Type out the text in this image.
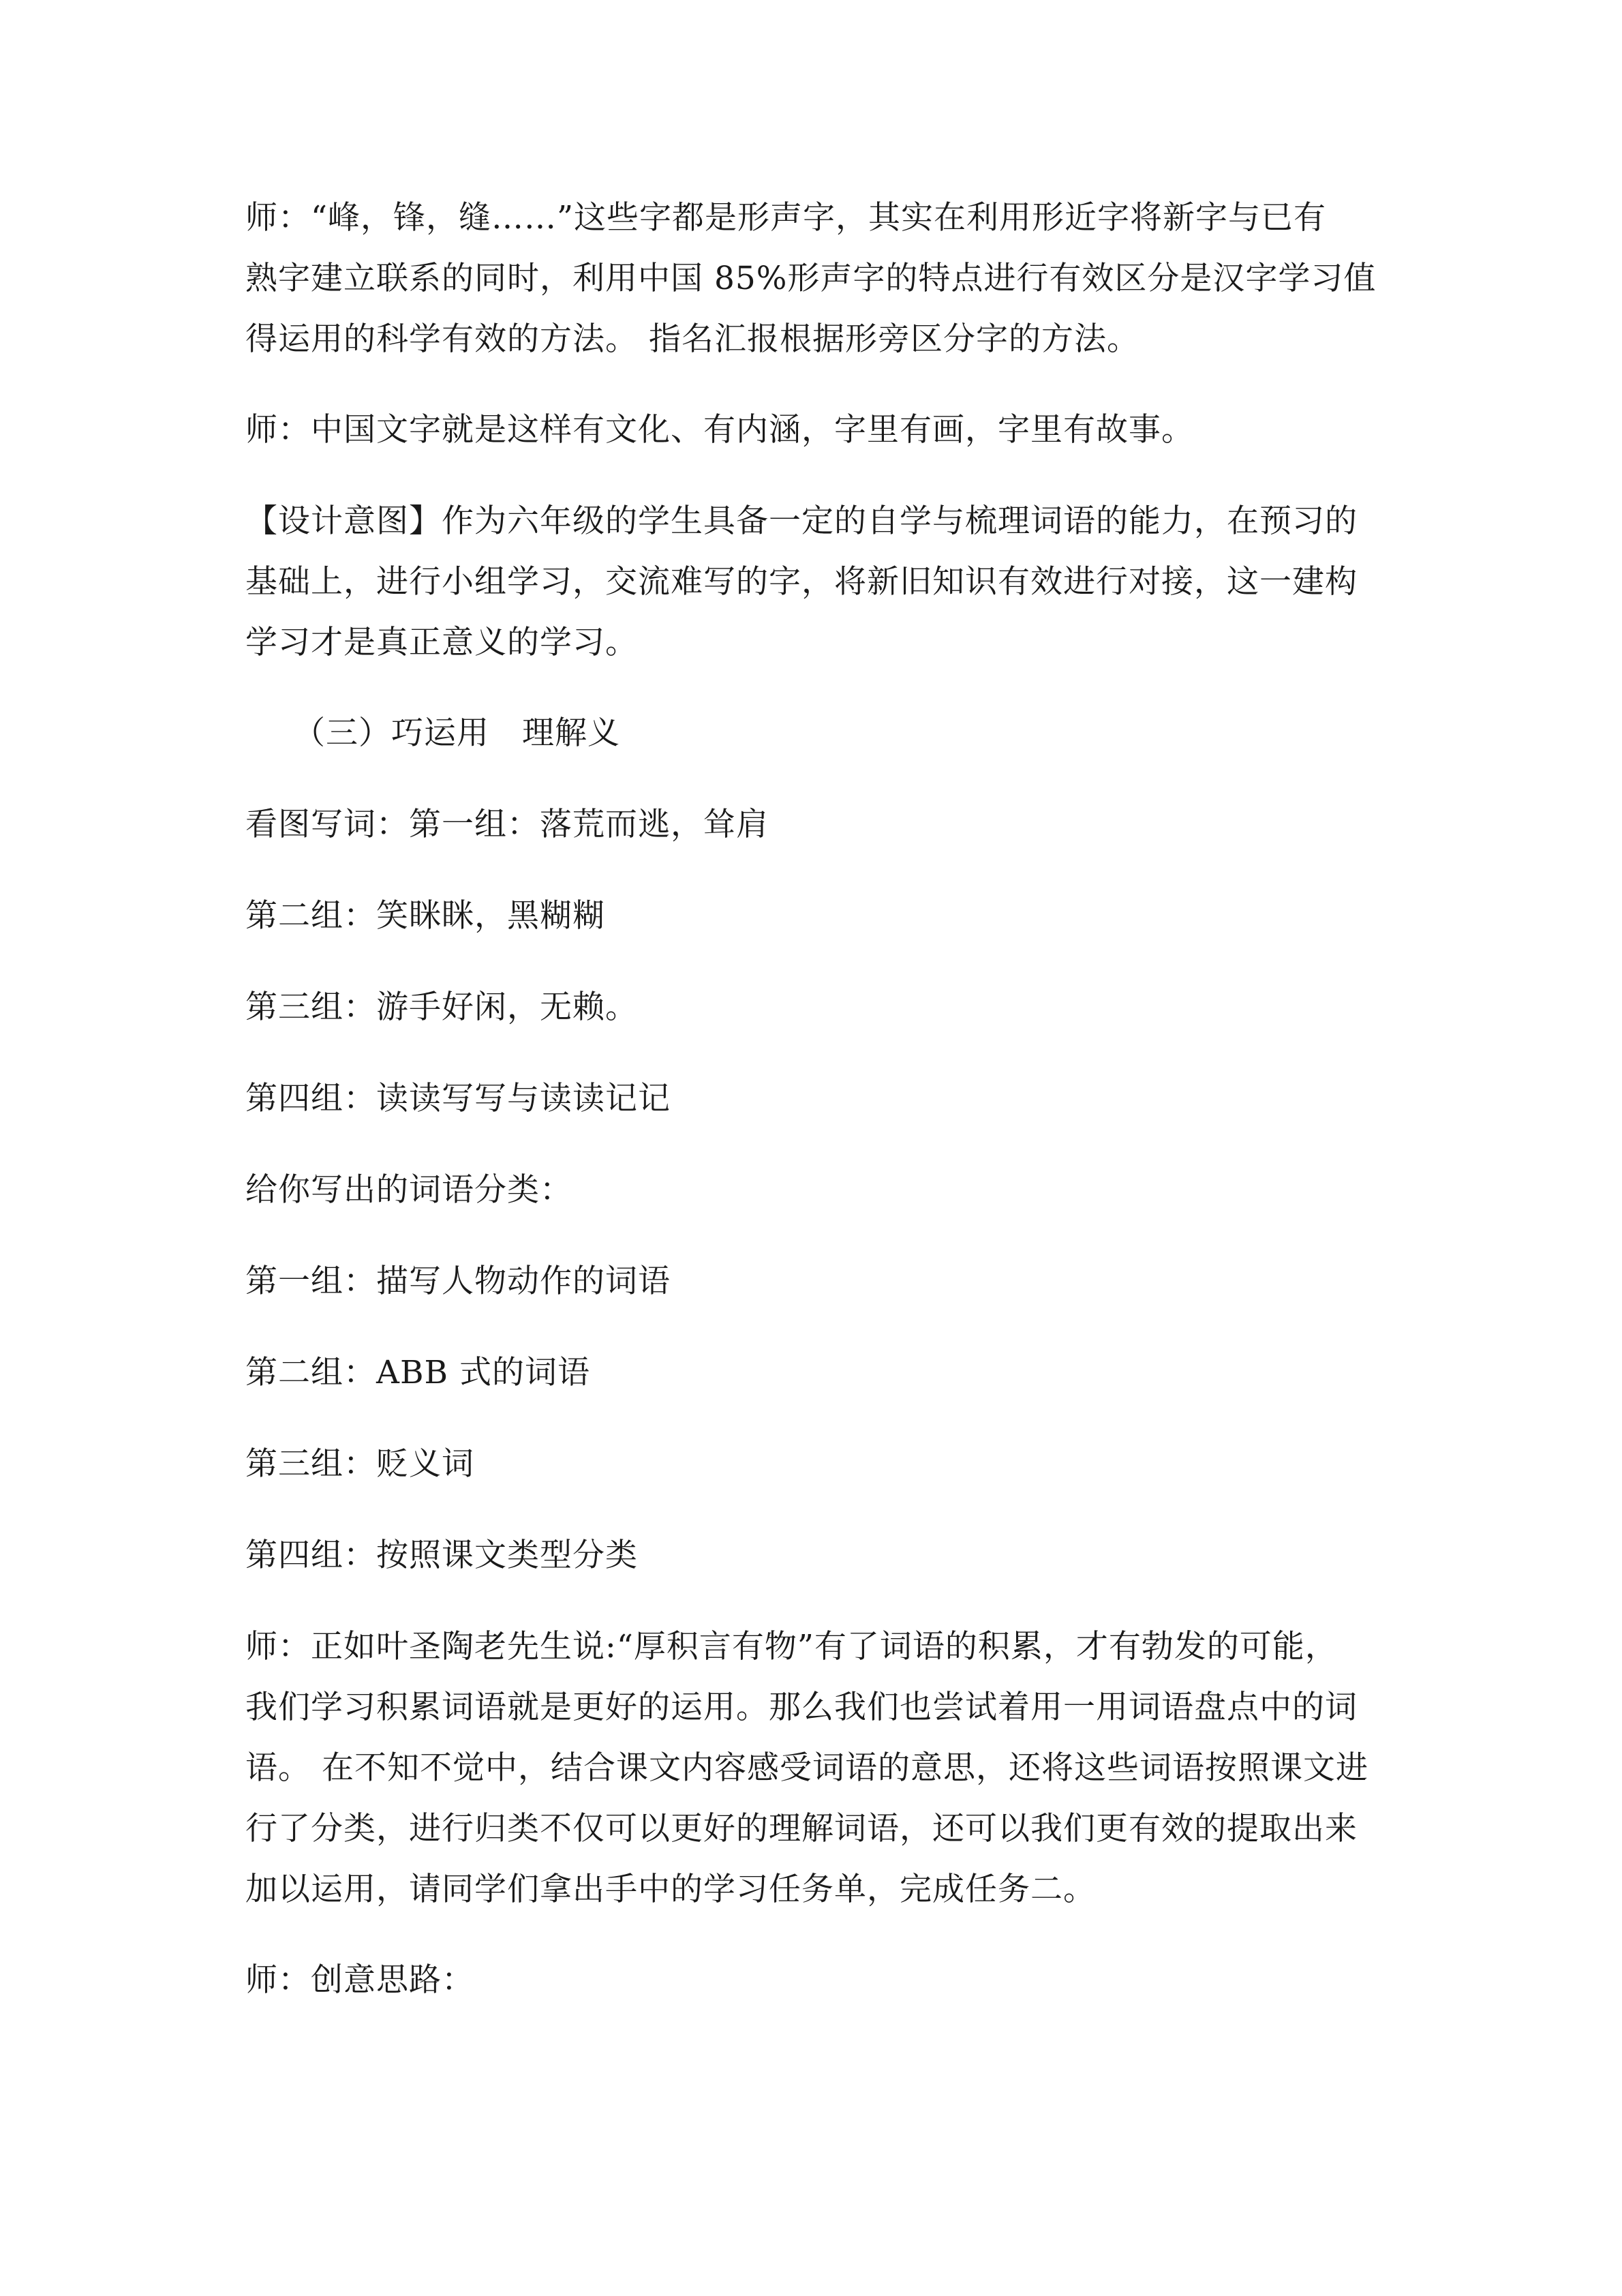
师：“峰，锋，缝……”这些字都是形声字，其实在利用形近字将新字与已有
熟字建立联系的同时，利用中国 85%形声字的特点进行有效区分是汉字学习值
得运用的科学有效的方法。 指名汇报根据形旁区分字的方法。

师：中国文字就是这样有文化、有内涵，字里有画，字里有故事。

【设计意图】作为六年级的学生具备一定的自学与梳理词语的能力，在预习的
基础上，进行小组学习，交流难写的字，将新旧知识有效进行对接，这一建构
学习才是真正意义的学习。

（三）巧运用　理解义

看图写词：第一组：落荒而逃，耸肩

第二组：笑眯眯，黑糊糊

第三组：游手好闲，无赖。

第四组：读读写写与读读记记

给你写出的词语分类：

第一组：描写人物动作的词语

第二组：ABB 式的词语

第三组：贬义词

第四组：按照课文类型分类

师：正如叶圣陶老先生说:“厚积言有物”有了词语的积累，才有勃发的可能，
我们学习积累词语就是更好的运用。那么我们也尝试着用一用词语盘点中的词
语。 在不知不觉中，结合课文内容感受词语的意思，还将这些词语按照课文进
行了分类，进行归类不仅可以更好的理解词语，还可以我们更有效的提取出来
加以运用，请同学们拿出手中的学习任务单，完成任务二。

师：创意思路：
